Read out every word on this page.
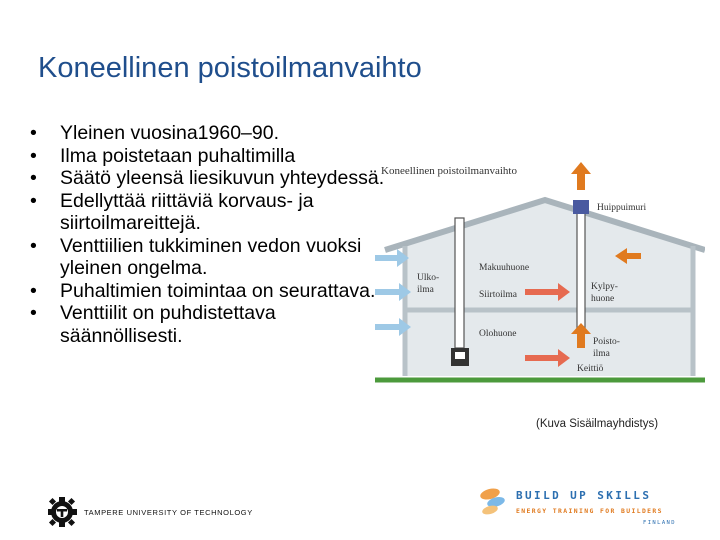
Koneellinen poistoilmanvaihto
• Yleinen vuosina1960–90.
• Ilma poistetaan puhaltimilla
• Säätö yleensä liesikuvun yhteydessä.
• Edellyttää riittäviä korvaus- ja siirtoilmareittejä.
• Venttiilien tukkiminen vedon vuoksi yleinen ongelma.
• Puhaltimien toimintaa on seurattava.
• Venttiilit on puhdistettava säännöllisesti.
Koneellinen poistoilmanvaihto
Huippuimuri
Makuuhuone
Ulko-
ilma	Siirtoilma
Kylpy-
huone
Olohuone
Poisto-
ilma
Keittiö
(Kuva Sisäilmayhdistys)
TAMPERE UNIVERSITY OF TECHNOLOGY
BUILD UP SKILLS
ENERGY TRAINING FOR BUILDERS
FINLAND
